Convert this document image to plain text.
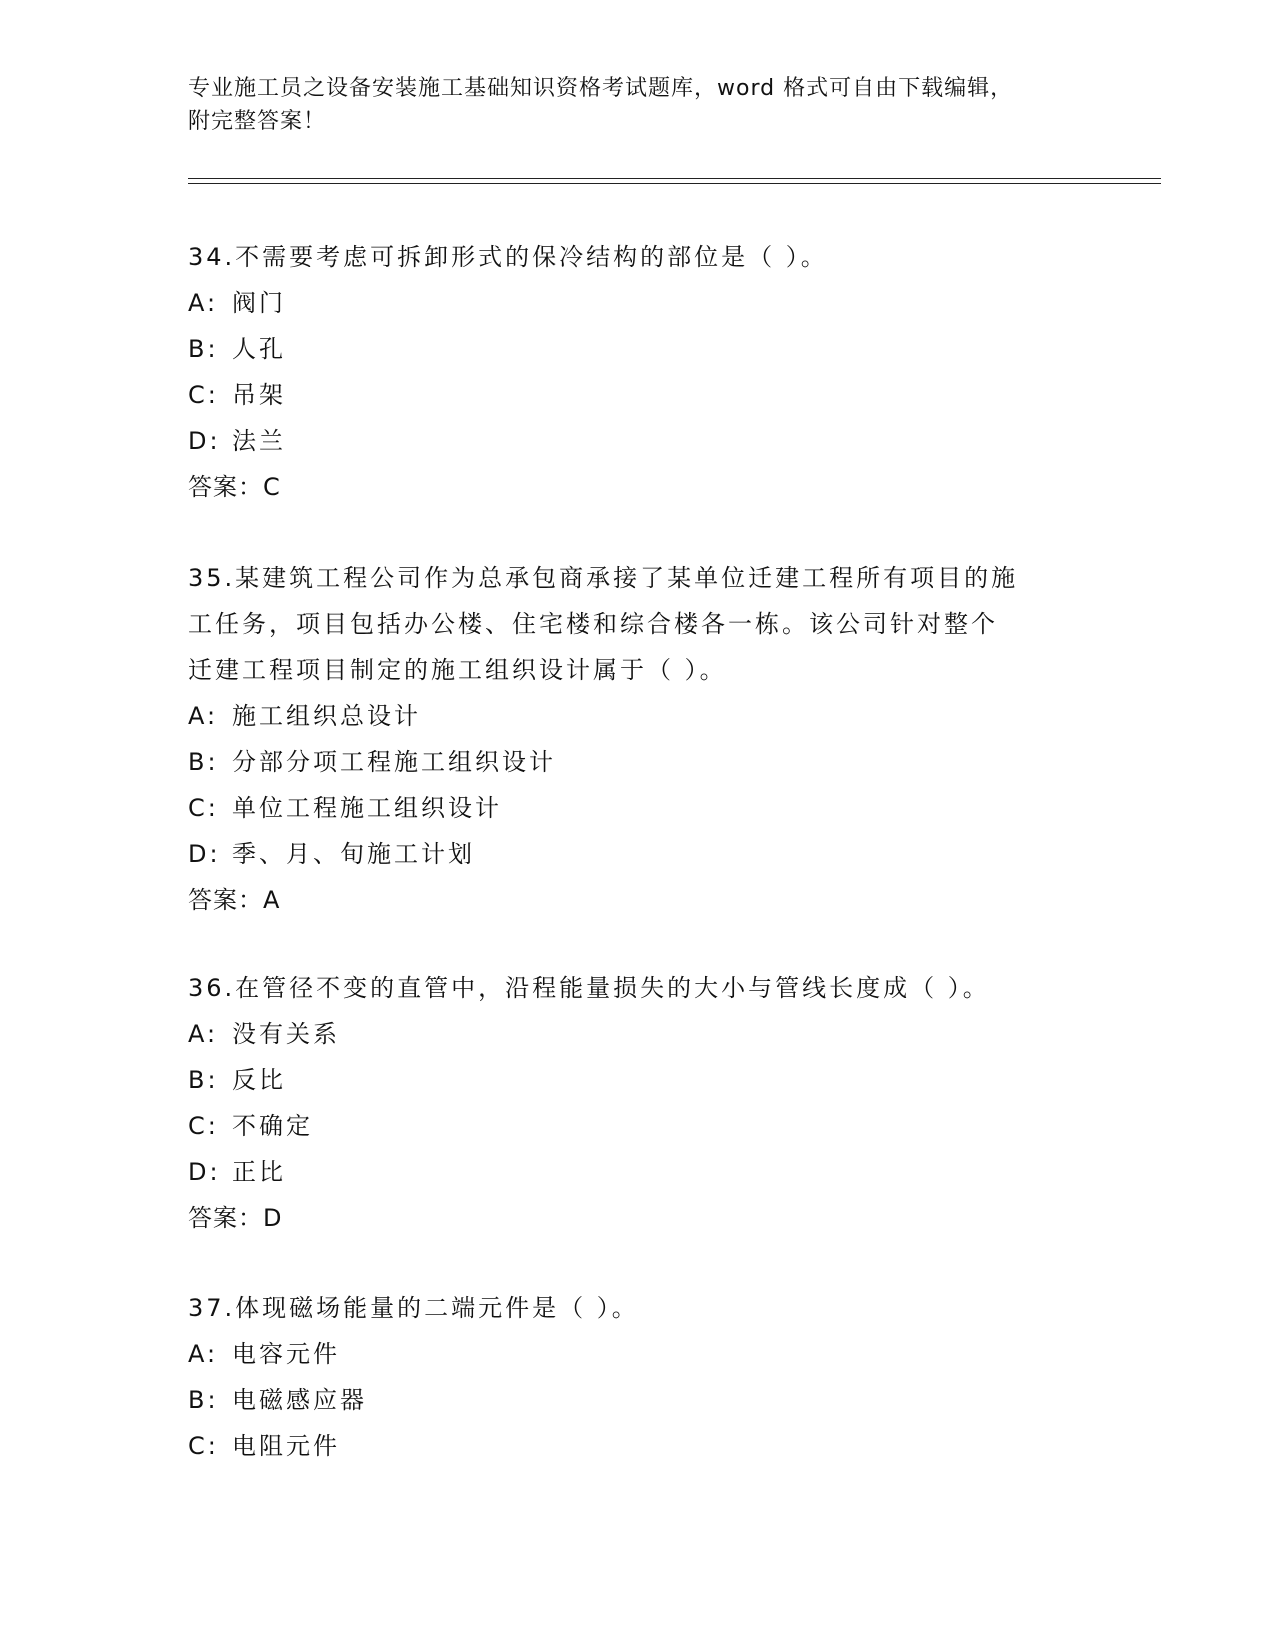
专业施工员之设备安装施工基础知识资格考试题库，word 格式可自由下载编辑，
附完整答案！
34.不需要考虑可拆卸形式的保冷结构的部位是（ ）。
A: 阀门
B: 人孔
C: 吊架
D: 法兰
答案：C
35.某建筑工程公司作为总承包商承接了某单位迁建工程所有项目的施
工任务，项目包括办公楼、住宅楼和综合楼各一栋。该公司针对整个
迁建工程项目制定的施工组织设计属于（ ）。
A: 施工组织总设计
B: 分部分项工程施工组织设计
C: 单位工程施工组织设计
D: 季、月、旬施工计划
答案：A
36.在管径不变的直管中，沿程能量损失的大小与管线长度成（ ）。
A: 没有关系
B: 反比
C: 不确定
D: 正比
答案：D
37.体现磁场能量的二端元件是（ ）。
A: 电容元件
B: 电磁感应器
C: 电阻元件
